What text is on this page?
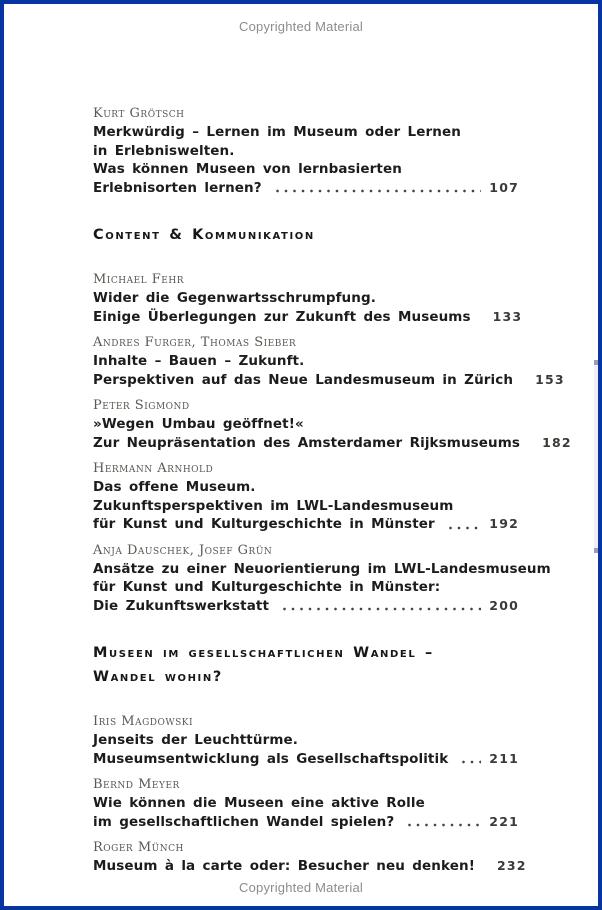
Copyrighted Material
Kurt Grötsch
Merkwürdig – Lernen im Museum oder Lernen
in Erlebniswelten.
Was können Museen von lernbasierten
Erlebnisorten lernen?	107
Content & Kommunikation
Michael Fehr
Wider die Gegenwartsschrumpfung.
Einige Überlegungen zur Zukunft des Museums 133
Andres Furger, Thomas Sieber
Inhalte – Bauen – Zukunft.
Perspektiven auf das Neue Landesmuseum in Zürich 153
Peter Sigmond
»Wegen Umbau geöffnet!«
Zur Neupräsentation des Amsterdamer Rijksmuseums 182
Hermann Arnhold
Das offene Museum.
Zukunftsperspektiven im LWL-Landesmuseum
für Kunst und Kulturgeschichte in Münster	192
Anja Dauschek, Josef Grün
Ansätze zu einer Neuorientierung im LWL-Landesmuseum
für Kunst und Kulturgeschichte in Münster:
Die Zukunftswerkstatt	200
Museen im gesellschaftlichen Wandel –
Wandel wohin?
Iris Magdowski
Jenseits der Leuchttürme.
Museumsentwicklung als Gesellschaftspolitik	211
Bernd Meyer
Wie können die Museen eine aktive Rolle
im gesellschaftlichen Wandel spielen?	221
Roger Münch
Museum à la carte oder: Besucher neu denken! 232
Copyrighted Material
